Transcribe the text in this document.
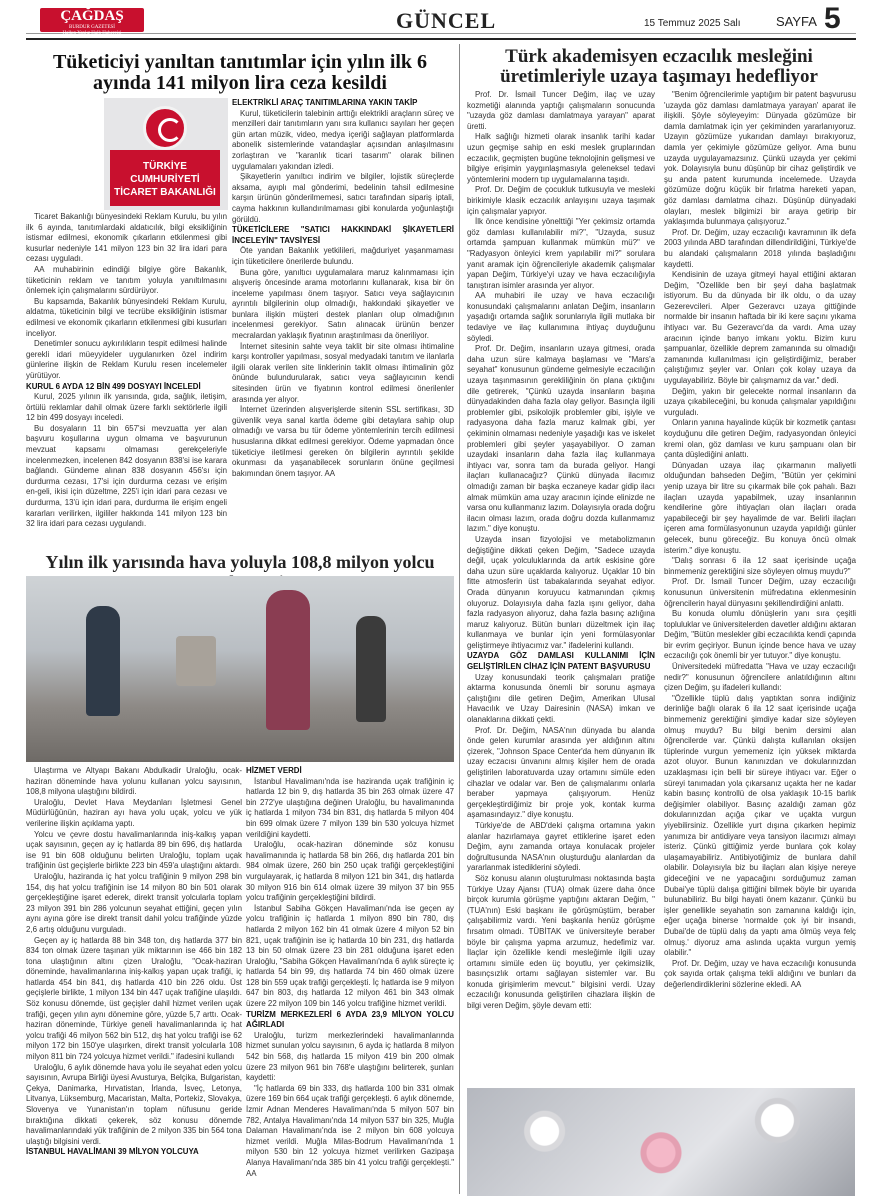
ÇAĞDAŞ
BURDUR GAZETESİ
Halkın Yanlız Halk Habercisi
GÜNCEL	15 Temmuz 2025 Salı	SAYFA 5
Tüketiciyi yanıltan tanıtımlar için yılın ilk 6 ayında 141 milyon lira ceza kesildi
TÜRKİYE CUMHURİYETİ TİCARET BAKANLIĞI

Ticaret Bakanlığı bünyesindeki Reklam Kurulu, bu yılın ilk 6 ayında, tanıtımlardaki aldatıcılık, bilgi eksikliğinin istismar edilmesi, ekonomik çıkarların etkilenmesi gibi kusurlar nedeniyle 141 milyon 123 bin 32 lira idari para cezası uyguladı.

AA muhabirinin edindiği bilgiye göre Bakanlık, tüketicinin reklam ve tanıtım yoluyla yanıltılmasını önlemek için çalışmalarını sürdürüyor.

Bu kapsamda, Bakanlık bünyesindeki Reklam Kurulu, aldatma, tüketicinin bilgi ve tecrübe eksikliğinin istismar edilmesi ve ekonomik çıkarların etkilenmesi gibi kusurları inceliyor.

Denetimler sonucu aykırılıkların tespit edilmesi halinde gerekli idari müeyyideler uygulanırken özel indirim günlerine ilişkin de Reklam Kurulu resen incelemeler yürütüyor.

KURUL 6 AYDA 12 BİN 499 DOSYAYI İNCELEDİ

Kurul, 2025 yılının ilk yarısında, gıda, sağlık, iletişim, örtülü reklamlar dahil olmak üzere farklı sektörlerle ilgili 12 bin 499 dosyayı inceledi.

Bu dosyaların 11 bin 657'si mevzuatta yer alan başvuru koşullarına uygun olmama ve başvurunun mevzuat kapsamı olmaması gerekçeleriyle incelenmezken, incelenen 842 dosyanın 838'si ise karara bağlandı. Gündeme alınan 838 dosyanın 456'sı için durdurma cezası, 17'si için durdurma cezası ve erişim en-geli, ikisi için düzeltme, 225'i için idari para cezası ve durdurma, 13'ü için idari para, durdurma ile erişim engeli kararları verilirken, ilgililer hakkında 141 milyon 123 bin 32 lira idari para cezası uygulandı.

ELEKTRİKLİ ARAÇ TANITIMLARINA YAKIN TAKİP

Kurul, tüketicilerin talebinin arttığı elektrikli araçların süreç ve menzilleri dair tanıtımların yanı sıra kullanıcı sayıları her geçen gün artan müzik, video, medya içeriği sağlayan platformlarda abonelik sistemlerinde vatandaşlar açısından anlaşılmasını zorlaştıran ve "karanlık ticari tasarım" olarak bilinen uygulamaları yakından izledi.

Şikayetlerin yanıltıcı indirim ve bilgiler, lojistik süreçlerde aksama, ayıplı mal gönderimi, bedelinin tahsil edilmesine karşın ürünün gönderilmemesi, satıcı tarafından sipariş iptali, cayma hakkının kullandırılmaması gibi konularda yoğunlaştığı görüldü.

TÜKETİCİLERE "SATICI HAKKINDAKİ ŞİKAYETLERİ İNCELEYİN" TAVSİYESİ

Öte yandan Bakanlık yetkilileri, mağduriyet yaşanmaması için tüketicilere önerilerde bulundu.

Buna göre, yanıltıcı uygulamalara maruz kalınmaması için alışveriş öncesinde arama motorlarını kullanarak, kısa bir ön inceleme yapılması önem taşıyor. Satıcı veya sağlayıcının ayrıntılı bilgilerinin olup olmadığı, hakkındaki şikayetler ve bunlara ilişkin müşteri destek planları olup olmadığının incelenmesi gerekiyor. Satın alınacak ürünün benzer mecralardan yaklaşık fiyatının araştırılması da öneriliyor.

İnternet sitesinin sahte veya taklit bir site olması ihtimaline karşı kontroller yapılması, sosyal medyadaki tanıtım ve ilanlarla ilgili olarak verilen site linklerinin taklit olması ihtimalinin göz önünde bulundurularak, satıcı veya sağlayıcının kendi sitesinden ürün ve fiyatının kontrol edilmesi önerilenler arasında yer alıyor.

İnternet üzerinden alışverişlerde sitenin SSL sertifikası, 3D güvenlik veya sanal kartla ödeme gibi detaylara sahip olup olmadığı ve varsa bu tür ödeme yöntemlerinin tercih edilmesi hususlarına dikkat edilmesi gerekiyor. Ödeme yapmadan önce tüketiciye iletilmesi gereken ön bilgilerin ayrıntılı şekilde okunması da yaşanabilecek sorunların önüne geçilmesi bakımından önem taşıyor. AA

Yılın ilk yarısında hava yoluyla 108,8 milyon yolcu

Ulaştırma ve Altyapı Bakanı Abdulkadir Uraloğlu, ocak-haziran döneminde hava yolunu kullanan yolcu sayısının, 108,8 milyona ulaştığını bildirdi.

Uraloğlu, Devlet Hava Meydanları İşletmesi Genel Müdürlüğünün, haziran ayı hava yolu uçak, yolcu ve yük verilerine ilişkin açıklama yaptı.

Yolcu ve çevre dostu havalimanlarında iniş-kalkış yapan uçak sayısının, geçen ay iç hatlarda 89 bin 696, dış hatlarda ise 91 bin 608 olduğunu belirten Uraloğlu, toplam uçak trafiğinin üst geçişlerle birlikte 223 bin 459'a ulaştığını aktardı.

Uraloğlu, haziranda iç hat yolcu trafiğinin 9 milyon 298 bin 154, dış hat yolcu trafiğinin ise 14 milyon 80 bin 501 olarak gerçekleştiğine işaret ederek, direkt transit yolcularla toplam 23 milyon 391 bin 286 yolcunun seyahat ettiğini, geçen yılın aynı ayına göre ise direkt transit dahil yolcu trafiğinde yüzde 2,6 artış olduğunu vurguladı.

Geçen ay iç hatlarda 88 bin 348 ton, dış hatlarda 377 bin 834 ton olmak üzere taşınan yük miktarının ise 466 bin 182 tona ulaştığının altını çizen Uraloğlu, "Ocak-haziran döneminde, havalimanlarına iniş-kalkış yapan uçak trafiği, iç hatlarda 454 bin 841, dış hatlarda 410 bin 226 oldu. Üst geçişlerle birlikte, 1 milyon 134 bin 447 uçak trafiğine ulaşıldı. Söz konusu dönemde, üst geçişler dahil hizmet verilen uçak trafiği, geçen yılın aynı dönemine göre, yüzde 5,7 arttı. Ocak-haziran döneminde, Türkiye geneli havalimanlarında iç hat yolcu trafiği 46 milyon 562 bin 512, dış hat yolcu trafiği ise 62 milyon 172 bin 150'ye ulaşırken, direkt transit yolcularla 108 milyon 811 bin 724 yolcuya hizmet verildi." ifadesini kullandı

Uraloğlu, 6 aylık dönemde hava yolu ile seyahat eden yolcu sayısının, Avrupa Birliği üyesi Avusturya, Belçika, Bulgaristan, Çekya, Danimarka, Hırvatistan, İrlanda, İsveç, Letonya, Litvanya, Lüksemburg, Macaristan, Malta, Portekiz, Slovakya, Slovenya ve Yunanistan'ın toplam nüfusunu geride bıraktığına dikkati çekerek, söz konusu dönemde havalimanlarındaki yük trafiğinin de 2 milyon 335 bin 564 tona ulaştığı bilgisini verdi.

İSTANBUL HAVALİMANI 39 MİLYON YOLCUYA

HİZMET VERDİ

İstanbul Havalimanı'nda ise haziranda uçak trafiğinin iç hatlarda 12 bin 9, dış hatlarda 35 bin 263 olmak üzere 47 bin 272'ye ulaştığına değinen Uraloğlu, bu havalimanında iç hatlarda 1 milyon 734 bin 831, dış hatlarda 5 milyon 404 bin 699 olmak üzere 7 milyon 139 bin 530 yolcuya hizmet verildiğini kaydetti.

Uraloğlu, ocak-haziran döneminde söz konusu havalimanında iç hatlarda 58 bin 266, dış hatlarda 201 bin 984 olmak üzere, 260 bin 250 uçak trafiği gerçekleştiğini vurgulayarak, iç hatlarda 8 milyon 121 bin 341, dış hatlarda 30 milyon 916 bin 614 olmak üzere 39 milyon 37 bin 955 yolcu trafiğinin gerçekleştiğini bildirdi.

İstanbul Sabiha Gökçen Havalimanı'nda ise geçen ay yolcu trafiğinin iç hatlarda 1 milyon 890 bin 780, dış hatlarda 2 milyon 162 bin 41 olmak üzere 4 milyon 52 bin 821, uçak trafiğinin ise iç hatlarda 10 bin 231, dış hatlarda 13 bin 50 olmak üzere 23 bin 281 olduğuna işaret eden Uraloğlu, "Sabiha Gökçen Havalimanı'nda 6 aylık süreçte iç hatlarda 54 bin 99, dış hatlarda 74 bin 460 olmak üzere 128 bin 559 uçak trafiği gerçekleşti. İç hatlarda ise 9 milyon 647 bin 803, dış hatlarda 12 milyon 461 bin 343 olmak üzere 22 milyon 109 bin 146 yolcu trafiğine hizmet verildi.

TURİZM MERKEZLERİ 6 AYDA 23,9 MİLYON YOLCU AĞIRLADI

Uraloğlu, turizm merkezlerindeki havalimanlarında hizmet sunulan yolcu sayısının, 6 ayda iç hatlarda 8 milyon 542 bin 568, dış hatlarda 15 milyon 419 bin 200 olmak üzere 23 milyon 961 bin 768'e ulaştığını belirterek, şunları kaydetti:

"İç hatlarda 69 bin 333, dış hatlarda 100 bin 331 olmak üzere 169 bin 664 uçak trafiği gerçekleşti. 6 aylık dönemde, İzmir Adnan Menderes Havalimanı'nda 5 milyon 507 bin 782, Antalya Havalimanı'nda 14 milyon 537 bin 325, Muğla Dalaman Havalimanı'nda ise 2 milyon bin 608 yolcuya hizmet verildi. Muğla Milas-Bodrum Havalimanı'nda 1 milyon 530 bin 12 yolcuya hizmet verilirken Gazipaşa Alanya Havalimanı'nda 385 bin 41 yolcu trafiği gerçekleşti." AA

Türk akademisyen eczacılık mesleğini üretimleriyle uzaya taşımayı hedefliyor

Prof. Dr. İsmail Tuncer Değim, ilaç ve uzay kozmetiği alanında yaptığı çalışmaların sonucunda "uzayda göz damlası damlatmaya yarayan" aparat üretti.

Halk sağlığı hizmeti olarak insanlık tarihi kadar uzun geçmişe sahip en eski meslek gruplarından eczacılık, geçmişten bugüne teknolojinin gelişmesi ve bilgiye erişimin yaygınlaşmasıyla geleneksel tedavi yöntemlerini modern tıp uygulamalarına taşıdı.

Prof. Dr. Değim de çocukluk tutkusuyla ve mesleki birikimiyle klasik eczacılık anlayışını uzaya taşımak için çalışmalar yapıyor.

İlk önce kendisine yönelttiği "Yer çekimsiz ortamda göz damlası kullanılabilir mi?", "Uzayda, susuz ortamda şampuan kullanmak mümkün mü?" ve "Radyasyon önleyici krem yapılabilir mi?" sorulara yanıt aramak için öğrencileriyle akademik çalışmalar yapan Değim, Türkiye'yi uzay ve hava eczacılığıyla tanıştıran isimler arasında yer alıyor.

AA muhabiri ile uzay ve hava eczacılığı konusundaki çalışmalarını anlatan Değim, insanların yaşadığı ortamda sağlık sorunlarıyla ilgili mutlaka bir tedaviye ve ilaç kullanımına ihtiyaç duyduğunu söyledi.

Prof. Dr. Değim, insanların uzaya gitmesi, orada daha uzun süre kalmaya başlaması ve "Mars'a seyahat" konusunun gündeme gelmesiyle eczacılığın uzaya taşınmasının gerekliliğinin ön plana çıktığını dile getirerek, "Çünkü uzayda insanların başına dünyadakinden daha fazla olay geliyor. Basınçla ilgili problemler gibi, psikolojik problemler gibi, işiyle ve radyasyona daha fazla maruz kalmak gibi, yer çekiminin olmaması nedeniyle yaşadığı kas ve iskelet problemleri gibi şeyler yaşayabiliyor. O zaman uzaydaki insanların daha fazla ilaç kullanmaya ihtiyacı var, sonra tam da burada geliyor. Hangi ilaçları kullanacağız? Çünkü dünyada ilacımız olmadığı zaman bir başka eczaneye kadar gidip ilacı almak mümkün ama uzay aracının içinde elinizde ne varsa onu kullanmanız lazım. Dolayısıyla orada doğru ilacın olması lazım, orada doğru dozda kullanmamız lazım." diye konuştu.

Uzayda insan fizyolojisi ve metabolizmanın değiştiğine dikkati çeken Değim, "Sadece uzayda değil, uçak yolculuklarında da artık eskisine göre daha uzun süre uçaklarda kalıyoruz. Uçaklar 10 bin fitte atmosferin üst tabakalarında seyahat ediyor. Orada dünyanın koruyucu katmanından çıkmış oluyoruz. Dolayısıyla daha fazla ışını geliyor, daha fazla radyasyon alıyoruz, daha fazla basınç azlığına maruz kalıyoruz. Bütün bunları düzeltmek için ilaç kullanmaya ve bunlar için yeni formülasyonlar geliştirmeye ihtiyacımız var." ifadelerini kullandı.

UZAYDA GÖZ DAMLASI KULLANIMI İÇİN GELİŞTİRİLEN CİHAZ İÇİN PATENT BAŞVURUSU

Uzay konusundaki teorik çalışmaları pratiğe aktarma konusunda önemli bir sorunu aşmaya çalıştığını dile getiren Değim, Amerikan Ulusal Havacılık ve Uzay Dairesinin (NASA) imkan ve olanaklarına dikkati çekti.

Prof. Dr. Değim, NASA'nın dünyada bu alanda önde gelen kurumlar arasında yer aldığının altını çizerek, "Johnson Space Center'da hem dünyanın ilk uzay eczacısı ünvanını almış kişiler hem de orada geliştirilen laboratuvarda uzay ortamını simüle eden cihazlar ve odalar var. Ben de çalışmalarımı onlarla beraber yapmaya çalışıyorum. Henüz gerçekleştirdiğimiz bir proje yok, kontak kurma aşamasındayız." diye konuştu.

Türkiye'de de ABD'deki çalışma ortamına yakın alanlar hazırlamaya gayret ettiklerine işaret eden Değim, aynı zamanda ortaya konulacak projeler doğrultusunda NASA'nın oluşturduğu alanlardan da yararlanmak istediklerini söyledi.

Söz konusu alanın oluşturulması noktasında başta Türkiye Uzay Ajansı (TUA) olmak üzere daha önce birçok kurumla görüşme yaptığını aktaran Değim, "(TUA'nın) Eski başkanı ile görüşmüştüm, beraber çalışabilirmiz vardı. Yeni başkanla henüz görüşme fırsatım olmadı. TÜBİTAK ve üniversiteyle beraber böyle bir çalışma yapma arzumuz, hedefimiz var. İlaçlar için özellikle kendi mesleğimle ilgili uzay ortamını simüle eden üç boyutlu, yer çekimsizlik, basınçsızlık ortamı sağlayan sistemler var. Bu konuda girişimlerim mevcut." bilgisini verdi. Uzay eczacılığı konusunda geliştirilen cihazlara ilişkin de bilgi veren Değim, şöyle devam etti:

"Benim öğrencilerimle yaptığım bir patent başvurusu 'uzayda göz damlası damlatmaya yarayan' aparat ile ilişkili. Şöyle söyleyeyim: Dünyada gözümüze bir damla damlatmak için yer çekiminden yararlanıyoruz. Uzayın gözümüze yukarıdan damlayı bırakıyoruz, damla yer çekimiyle gözümüze geliyor. Ama bunu uzayda uygulayamazsınız. Çünkü uzayda yer çekimi yok. Dolayısıyla bunu düşünüp bir cihaz geliştirdik ve şu anda patent kurumunda incelemede. Uzayda gözümüze doğru küçük bir fırlatma hareketi yapan, göz damlası damlatma cihazı. Düşünüp dünyadaki olayları, meslek bilgimizi bir araya getirip bir yaklaşımda bulunmaya çalışıyoruz."

Prof. Dr. Değim, uzay eczacılığı kavramının ilk defa 2003 yılında ABD tarafından dillendirildiğini, Türkiye'de bu alandaki çalışmaların 2018 yılında başladığını kaydetti.

Kendisinin de uzaya gitmeyi hayal ettiğini aktaran Değim, "Özellikle ben bir şeyi daha başlatmak istiyorum. Bu da dünyada bir ilk oldu, o da uzay Gezerevcileri. Alper Gezeravcı uzaya gittiğinde normalde bir insanın haftada bir iki kere saçını yıkama ihtiyacı var. Bu Gezeravcı'da da vardı. Ama uzay aracının içinde banyo imkanı yoktu. Bizim kuru şampuanlar, özellikle deprem zamanında su olmadığı zamanında kullanılması için geliştirdiğimiz, beraber çalıştığımız şeyler var. Onları çok kolay uzaya da uygulayabiliriz. Böyle bir çalışmamız da var." dedi.

Değim, yakın bir gelecekte normal insanların da uzaya çıkabileceğini, bu konuda çalışmalar yapıldığını vurguladı.

Onların yanına hayalinde küçük bir kozmetik çantası koyduğunu dile getiren Değim, radyasyondan önleyici kremi olan, göz damlası ve kuru şampuanı olan bir çanta düşlediğini anlattı.

Dünyadan uzaya ilaç çıkarmanın maliyetli olduğundan bahseden Değim, "Bütün yer çekimini yenip uzaya bir litre su çıkarmak bile çok pahalı. Bazı ilaçları uzayda yapabilmek, uzay insanlarının kendilerine göre ihtiyaçları olan ilaçları orada yapabileceği bir şey hayalimde de var. Belirli ilaçları içeren ama formülasyonunun uzayda yapıldığı günler gelecek, bunu göreceğiz. Bu konuya öncü olmak isterim." diye konuştu.

"Dalış sonrası 6 ila 12 saat içerisinde uçağa binmemeniz gerektiğini size söyleyen olmuş muydu?"

Prof. Dr. İsmail Tuncer Değim, uzay eczacılığı konusunun üniversitenin müfredatına eklenmesinin öğrencilerin hayal dünyasını şekillendirdiğini anlattı.

Bu konuda olumlu dönüşlerin yanı sıra çeşitli topluluklar ve üniversitelerden davetler aldığını aktaran Değim, "Bütün meslekler gibi eczacılıkta kendi çapında bir evrim geçiriyor. Bunun içinde bence hava ve uzay eczacılığı çok önemli bir yer tutuyor." diye konuştu.

Üniversitedeki müfredatta "Hava ve uzay eczacılığı nedir?" konusunun öğrencilere anlatıldığının altını çizen Değim, şu ifadeleri kullandı:

"Özellikle tüplü dalış yaptıktan sonra indiğiniz derinliğe bağlı olarak 6 ila 12 saat içerisinde uçağa binmemeniz gerektiğini şimdiye kadar size söyleyen olmuş muydu? Bu bilgi benim dersimi alan öğrencilerde var. Çünkü dalışta kullanılan oksijen tüplerinde vurgun yememeniz için yüksek miktarda azot oluyor. Bunun kanınızdan ve dokularınızdan uzaklaşması için belli bir süreye ihtiyacı var. Eğer o süreyi tanımadan yola çıkarsanız uçakta her ne kadar kabin basınç kontrollü de olsa yaklaşık 10-15 barlık değişimler olabiliyor. Basınç azaldığı zaman göz dokularınızdan açığa çıkar ve uçakta vurgun yiyebilirsiniz. Özellikle yurt dışına çıkarken hepimiz yanımıza bir antidiyare veya tansiyon ilacımızı almayı isteriz. Çünkü gittiğimiz yerde bunlara çok kolay ulaşamayabiliriz. Antibiyotiğimiz de bunlara dahil olabilir. Dolayısıyla biz bu ilaçları alan kişiye nereye gideceğini ve ne yapacağını sorduğumuz zaman Dubai'ye tüplü dalışa gittiğini bilmek böyle bir uyarıda bulunabiliriz. Bu bilgi hayati önem kazanır. Çünkü bu işler genellikle seyahatin son zamanına kaldığı için, eğer uçağa binerse 'normalde çok iyi bir insandı, Dubai'de de tüplü dalış da yaptı ama ölmüş veya felç olmuş.' diyoruz ama aslında uçakta vurgun yemiş olabilir."

Prof. Dr. Değim, uzay ve hava eczacılığı konusunda çok sayıda ortak çalışma tekli aldığını ve bunları da değerlendirdiklerini sözlerine ekledi. AA
